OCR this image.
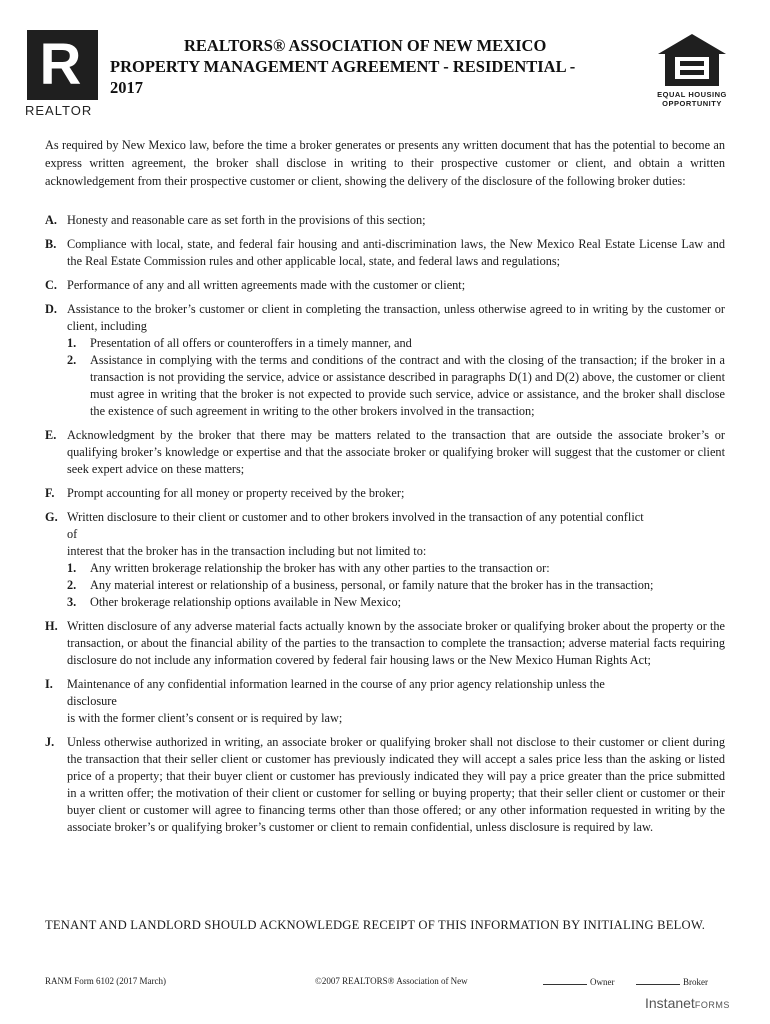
R
REALTOR
REALTORS® ASSOCIATION OF NEW MEXICO
PROPERTY MANAGEMENT AGREEMENT - RESIDENTIAL -
2017	EQUAL HOUSING
OPPORTUNITY
As required by New Mexico law, before the time a broker generates or presents any written document that has the potential to become an express written agreement, the broker shall disclose in writing to their prospective customer or client, and obtain a written acknowledgement from their prospective customer or client, showing the delivery of the disclosure of the following broker duties:
A. Honesty and reasonable care as set forth in the provisions of this section;
B. Compliance with local, state, and federal fair housing and anti-discrimination laws, the New Mexico Real Estate License Law and the Real Estate Commission rules and other applicable local, state, and federal laws and regulations;
C. Performance of any and all written agreements made with the customer or client;
D. Assistance to the broker’s customer or client in completing the transaction, unless otherwise agreed to in writing by the customer or client, including
1. Presentation of all offers or counteroffers in a timely manner, and
2. Assistance in complying with the terms and conditions of the contract and with the closing of the transaction; if the broker in a transaction is not providing the service, advice or assistance described in paragraphs D(1) and D(2) above, the customer or client must agree in writing that the broker is not expected to provide such service, advice or assistance, and the broker shall disclose the existence of such agreement in writing to the other brokers involved in the transaction;
E. Acknowledgment by the broker that there may be matters related to the transaction that are outside the associate broker’s or qualifying broker’s knowledge or expertise and that the associate broker or qualifying broker will suggest that the customer or client seek expert advice on these matters;
F. Prompt accounting for all money or property received by the broker;
G. Written disclosure to their client or customer and to other brokers involved in the transaction of any potential conflict
of
interest that the broker has in the transaction including but not limited to:
1. Any written brokerage relationship the broker has with any other parties to the transaction or:
2. Any material interest or relationship of a business, personal, or family nature that the broker has in the transaction;
3. Other brokerage relationship options available in New Mexico;
H. Written disclosure of any adverse material facts actually known by the associate broker or qualifying broker about the property or the transaction, or about the financial ability of the parties to the transaction to complete the transaction; adverse material facts requiring disclosure do not include any information covered by federal fair housing laws or the New Mexico Human Rights Act;
I. Maintenance of any confidential information learned in the course of any prior agency relationship unless the
disclosure
is with the former client’s consent or is required by law;
J. Unless otherwise authorized in writing, an associate broker or qualifying broker shall not disclose to their customer or client during the transaction that their seller client or customer has previously indicated they will accept a sales price less than the asking or listed price of a property; that their buyer client or customer has previously indicated they will pay a price greater than the price submitted in a written offer; the motivation of their client or customer for selling or buying property; that their seller client or customer or their buyer client or customer will agree to financing terms other than those offered; or any other information requested in writing by the associate broker’s or qualifying broker’s customer or client to remain confidential, unless disclosure is required by law.
TENANT AND LANDLORD SHOULD ACKNOWLEDGE RECEIPT OF THIS INFORMATION BY INITIALING BELOW.
RANM Form 6102 (2017 March)	©2007 REALTORS® Association of New	Owner	Broker
InstanetFORMS
